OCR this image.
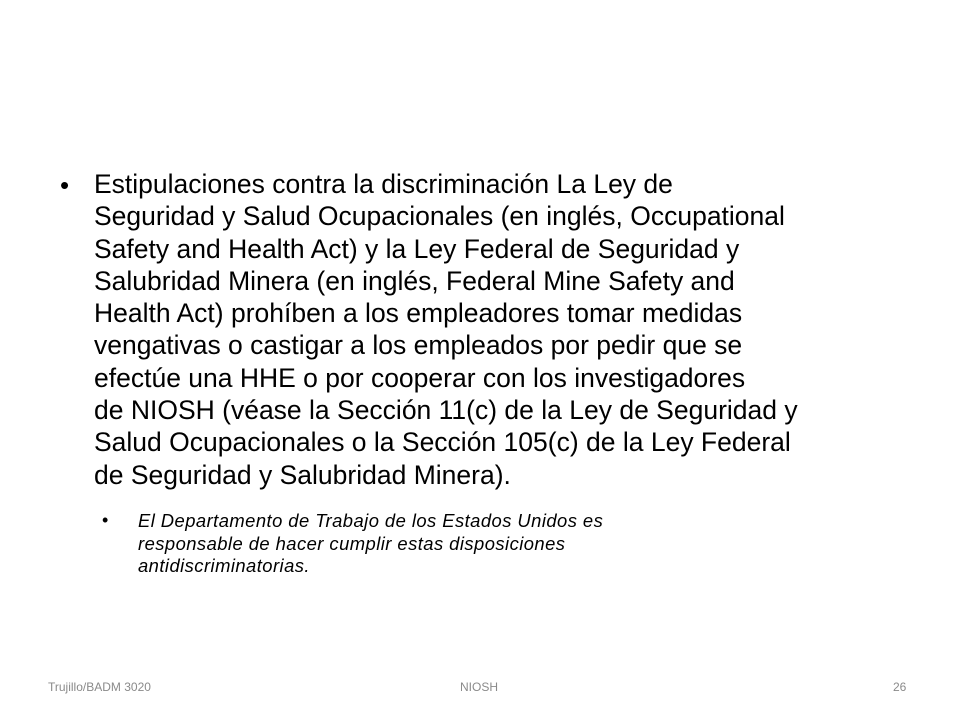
• Estipulaciones contra la discriminación La Ley de
Seguridad y Salud Ocupacionales (en inglés, Occupational
Safety and Health Act) y la Ley Federal de Seguridad y
Salubridad Minera (en inglés, Federal Mine Safety and
Health Act) prohíben a los empleadores tomar medidas
vengativas o castigar a los empleados por pedir que se
efectúe una HHE o por cooperar con los investigadores
de NIOSH (véase la Sección 11(c) de la Ley de Seguridad y
Salud Ocupacionales o la Sección 105(c) de la Ley Federal
de Seguridad y Salubridad Minera).
• El Departamento de Trabajo de los Estados Unidos es
responsable de hacer cumplir estas disposiciones
antidiscriminatorias.
Trujillo/BADM 3020	NIOSH	26
